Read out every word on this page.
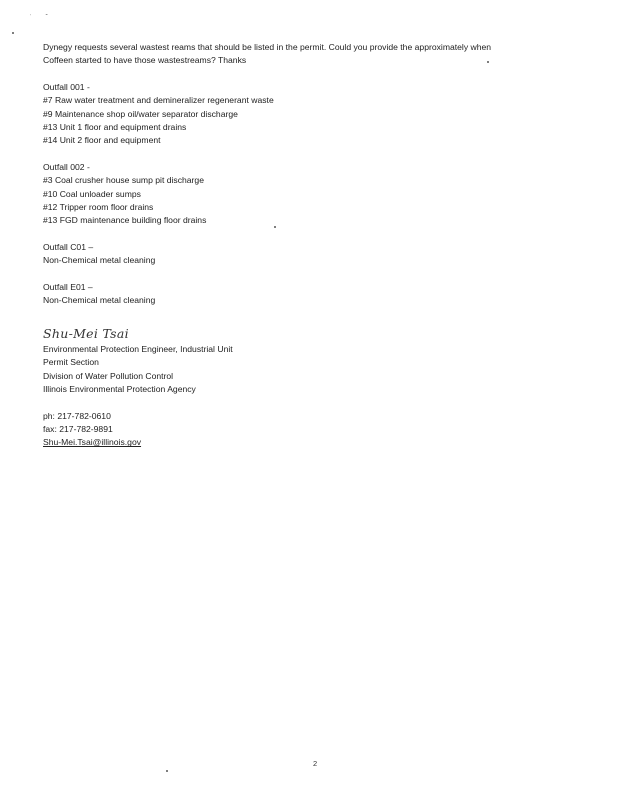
˙ ˇ

Dynegy requests several wastest reams that should be listed in the permit. Could you provide the approximately when

Coffeen started to have those wastestreams? Thanks

Outfall 001 -

#7 Raw water treatment and demineralizer regenerant waste

#9 Maintenance shop oil/water separator discharge

#13 Unit 1 floor and equipment drains

#14 Unit 2 floor and equipment

Outfall 002 -

#3 Coal crusher house sump pit discharge

#10 Coal unloader sumps

#12 Tripper room floor drains

#13 FGD maintenance building floor drains

Outfall C01 –

Non-Chemical metal cleaning

Outfall E01 –

Non-Chemical metal cleaning

Shu-Mei Tsai

Environmental Protection Engineer, Industrial Unit

Permit Section

Division of Water Pollution Control

Illinois Environmental Protection Agency

ph: 217-782-0610

fax: 217-782-9891

Shu-Mei.Tsai@illinois.gov

2
